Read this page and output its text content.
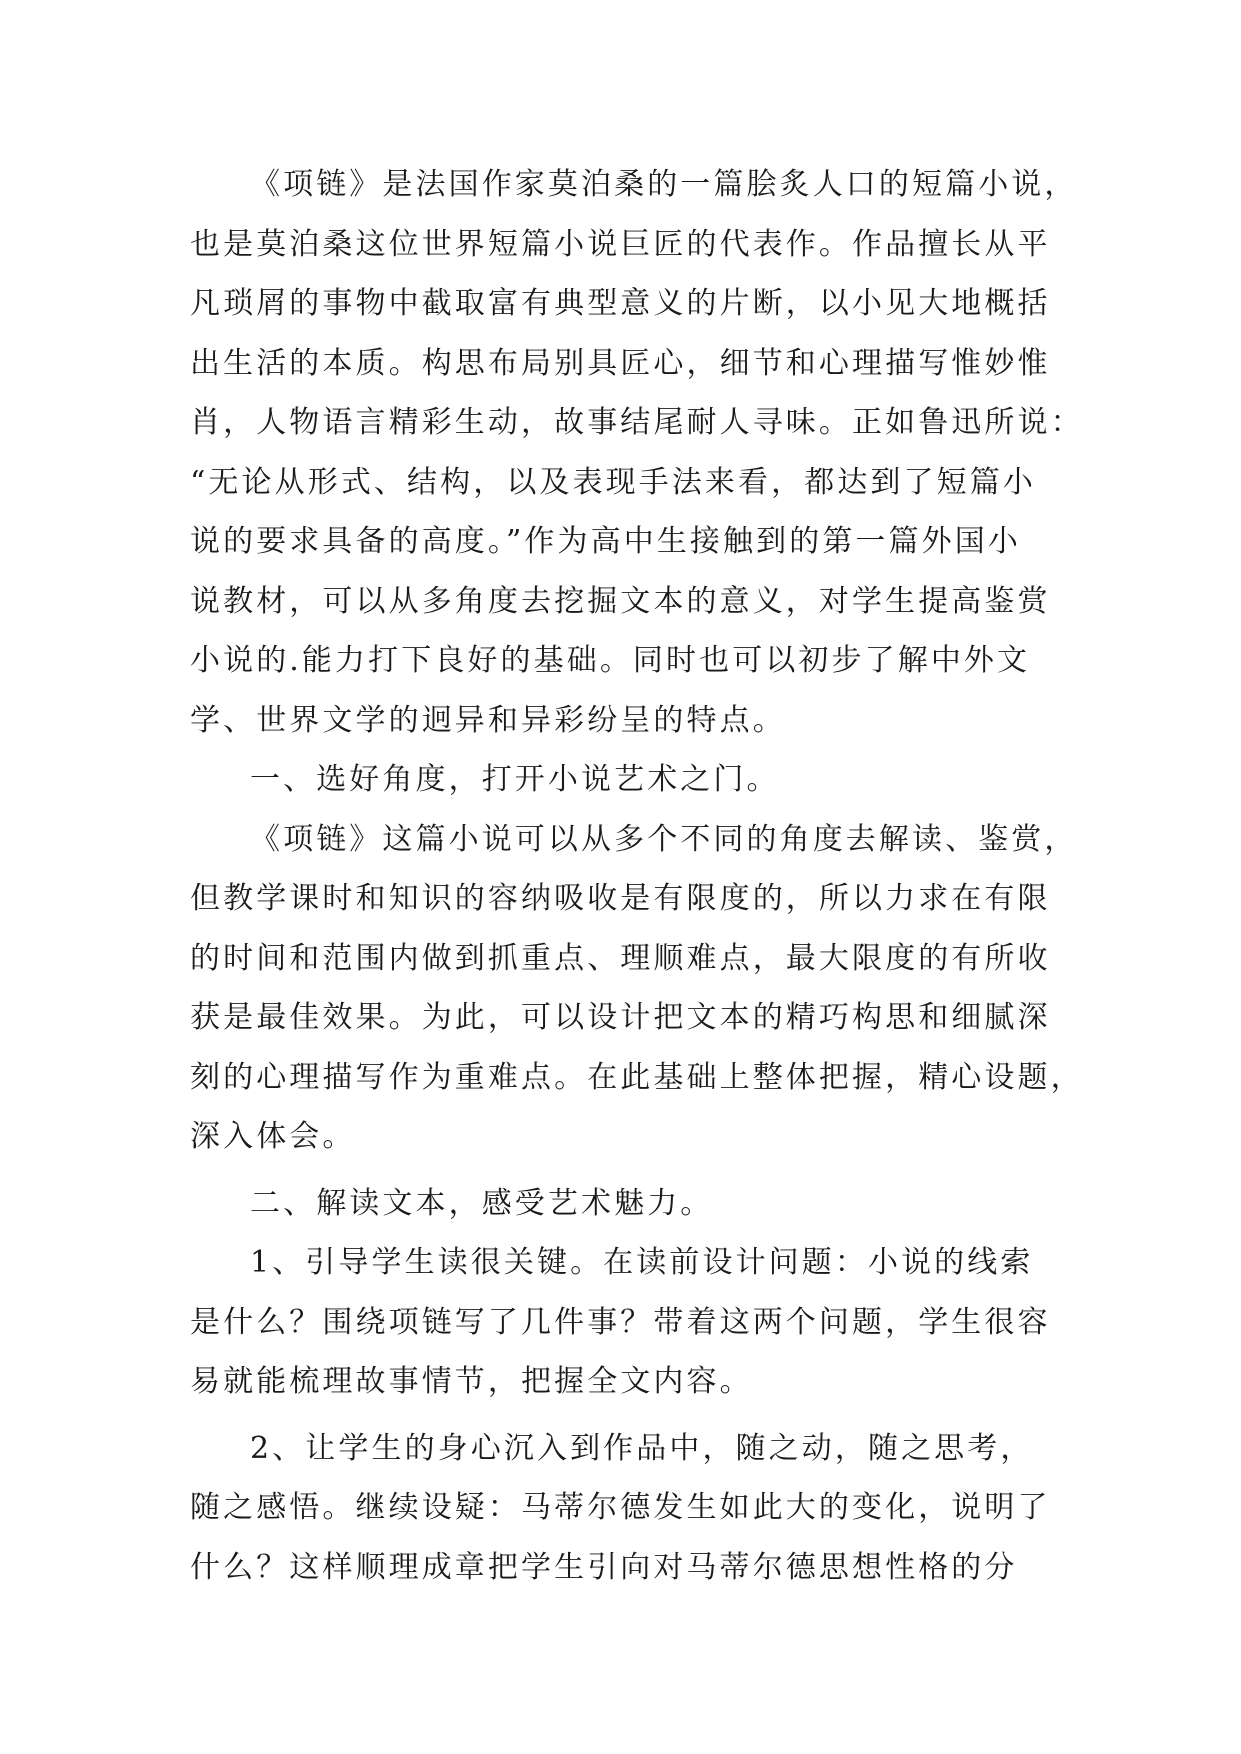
《项链》是法国作家莫泊桑的一篇脍炙人口的短篇小说，
也是莫泊桑这位世界短篇小说巨匠的代表作。作品擅长从平
凡琐屑的事物中截取富有典型意义的片断，以小见大地概括
出生活的本质。构思布局别具匠心，细节和心理描写惟妙惟
肖，人物语言精彩生动，故事结尾耐人寻味。正如鲁迅所说：
“无论从形式、结构，以及表现手法来看，都达到了短篇小
说的要求具备的高度。”作为高中生接触到的第一篇外国小
说教材，可以从多角度去挖掘文本的意义，对学生提高鉴赏
小说的.能力打下良好的基础。同时也可以初步了解中外文
学、世界文学的迥异和异彩纷呈的特点。
一、选好角度，打开小说艺术之门。
《项链》这篇小说可以从多个不同的角度去解读、鉴赏，
但教学课时和知识的容纳吸收是有限度的，所以力求在有限
的时间和范围内做到抓重点、理顺难点，最大限度的有所收
获是最佳效果。为此，可以设计把文本的精巧构思和细腻深
刻的心理描写作为重难点。在此基础上整体把握，精心设题，
深入体会。
二、解读文本，感受艺术魅力。
1、引导学生读很关键。在读前设计问题：小说的线索
是什么？围绕项链写了几件事？带着这两个问题，学生很容
易就能梳理故事情节，把握全文内容。
2、让学生的身心沉入到作品中，随之动，随之思考，
随之感悟。继续设疑：马蒂尔德发生如此大的变化，说明了
什么？这样顺理成章把学生引向对马蒂尔德思想性格的分
